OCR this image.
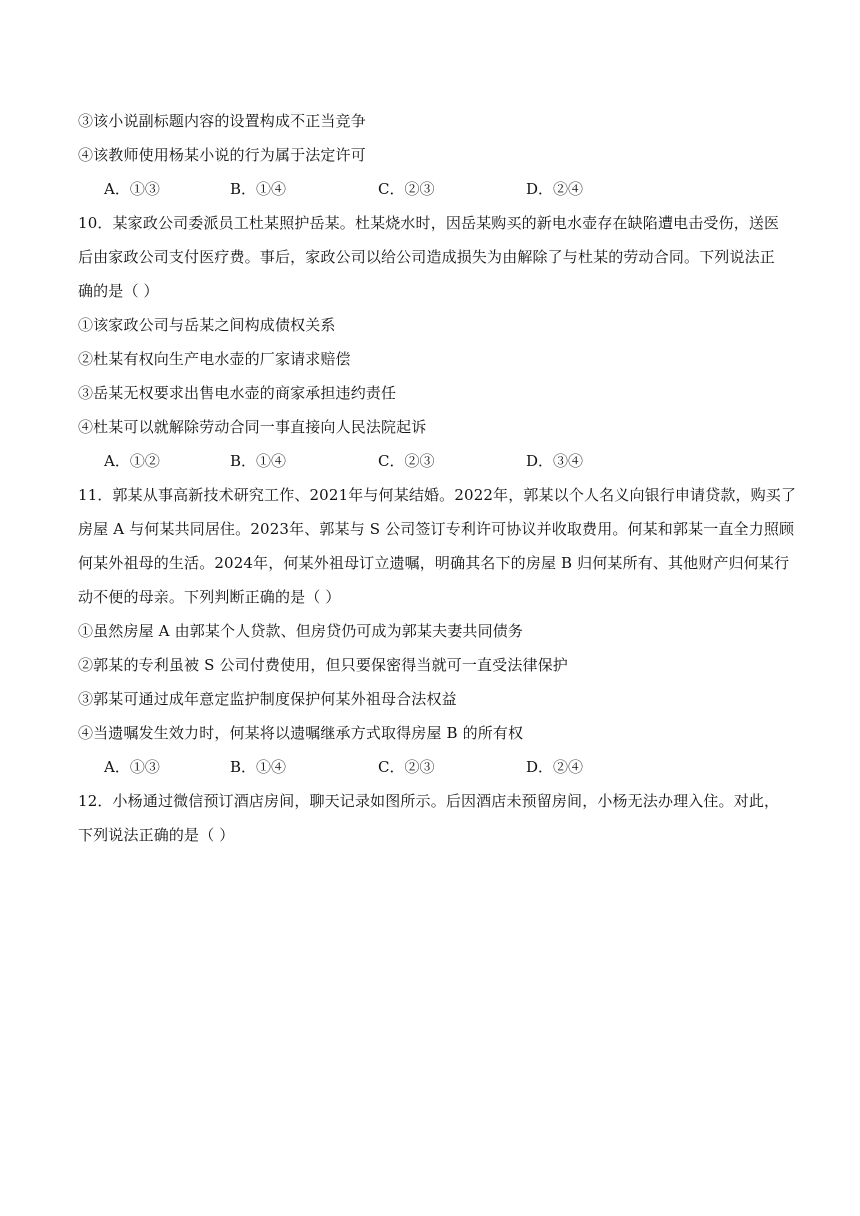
③该小说副标题内容的设置构成不正当竞争
④该教师使用杨某小说的行为属于法定许可
A．①③	B．①④	C．②③	D．②④
10．某家政公司委派员工杜某照护岳某。杜某烧水时，因岳某购买的新电水壶存在缺陷遭电击受伤，送医
后由家政公司支付医疗费。事后，家政公司以给公司造成损失为由解除了与杜某的劳动合同。下列说法正
确的是（ ）
①该家政公司与岳某之间构成债权关系
②杜某有权向生产电水壶的厂家请求赔偿
③岳某无权要求出售电水壶的商家承担违约责任
④杜某可以就解除劳动合同一事直接向人民法院起诉
A．①②	B．①④	C．②③	D．③④
11．郭某从事高新技术研究工作、2021年与何某结婚。2022年，郭某以个人名义向银行申请贷款，购买了
房屋 A 与何某共同居住。2023年、郭某与 S 公司签订专利许可协议并收取费用。何某和郭某一直全力照顾
何某外祖母的生活。2024年，何某外祖母订立遗嘱，明确其名下的房屋 B 归何某所有、其他财产归何某行
动不便的母亲。下列判断正确的是（ ）
①虽然房屋 A 由郭某个人贷款、但房贷仍可成为郭某夫妻共同债务
②郭某的专利虽被 S 公司付费使用，但只要保密得当就可一直受法律保护
③郭某可通过成年意定监护制度保护何某外祖母合法权益
④当遗嘱发生效力时，何某将以遗嘱继承方式取得房屋 B 的所有权
A．①③	B．①④	C．②③	D．②④
12．小杨通过微信预订酒店房间，聊天记录如图所示。后因酒店未预留房间，小杨无法办理入住。对此，
下列说法正确的是（ ）
